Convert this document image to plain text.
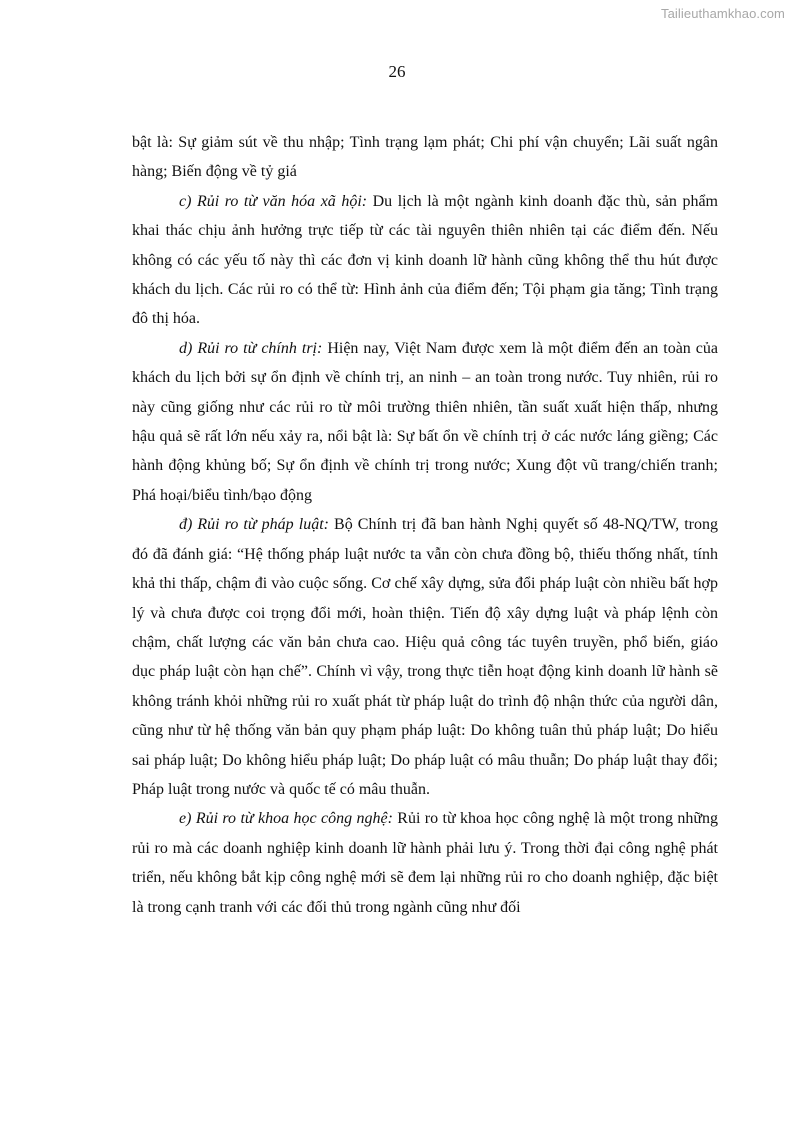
Tailieuthamkhao.com
26

bật là: Sự giảm sút về thu nhập; Tình trạng lạm phát; Chi phí vận chuyển; Lãi suất ngân hàng; Biến động về tỷ giá

c) Rủi ro từ văn hóa xã hội: Du lịch là một ngành kinh doanh đặc thù, sản phẩm khai thác chịu ảnh hưởng trực tiếp từ các tài nguyên thiên nhiên tại các điểm đến. Nếu không có các yếu tố này thì các đơn vị kinh doanh lữ hành cũng không thể thu hút được khách du lịch. Các rủi ro có thể từ: Hình ảnh của điểm đến; Tội phạm gia tăng; Tình trạng đô thị hóa.

d) Rủi ro từ chính trị: Hiện nay, Việt Nam được xem là một điểm đến an toàn của khách du lịch bởi sự ổn định về chính trị, an ninh – an toàn trong nước. Tuy nhiên, rủi ro này cũng giống như các rủi ro từ môi trường thiên nhiên, tần suất xuất hiện thấp, nhưng hậu quả sẽ rất lớn nếu xảy ra, nổi bật là: Sự bất ổn về chính trị ở các nước láng giềng; Các hành động khủng bố; Sự ổn định về chính trị trong nước; Xung đột vũ trang/chiến tranh; Phá hoại/biểu tình/bạo động

đ) Rủi ro từ pháp luật: Bộ Chính trị đã ban hành Nghị quyết số 48-NQ/TW, trong đó đã đánh giá: “Hệ thống pháp luật nước ta vẫn còn chưa đồng bộ, thiếu thống nhất, tính khả thi thấp, chậm đi vào cuộc sống. Cơ chế xây dựng, sửa đổi pháp luật còn nhiều bất hợp lý và chưa được coi trọng đổi mới, hoàn thiện. Tiến độ xây dựng luật và pháp lệnh còn chậm, chất lượng các văn bản chưa cao. Hiệu quả công tác tuyên truyền, phổ biến, giáo dục pháp luật còn hạn chế”. Chính vì vậy, trong thực tiễn hoạt động kinh doanh lữ hành sẽ không tránh khỏi những rủi ro xuất phát từ pháp luật do trình độ nhận thức của người dân, cũng như từ hệ thống văn bản quy phạm pháp luật: Do không tuân thủ pháp luật; Do hiểu sai pháp luật; Do không hiểu pháp luật; Do pháp luật có mâu thuẫn; Do pháp luật thay đổi; Pháp luật trong nước và quốc tế có mâu thuẫn.

e) Rủi ro từ khoa học công nghệ: Rủi ro từ khoa học công nghệ là một trong những rủi ro mà các doanh nghiệp kinh doanh lữ hành phải lưu ý. Trong thời đại công nghệ phát triển, nếu không bắt kịp công nghệ mới sẽ đem lại những rủi ro cho doanh nghiệp, đặc biệt là trong cạnh tranh với các đối thủ trong ngành cũng như đối
